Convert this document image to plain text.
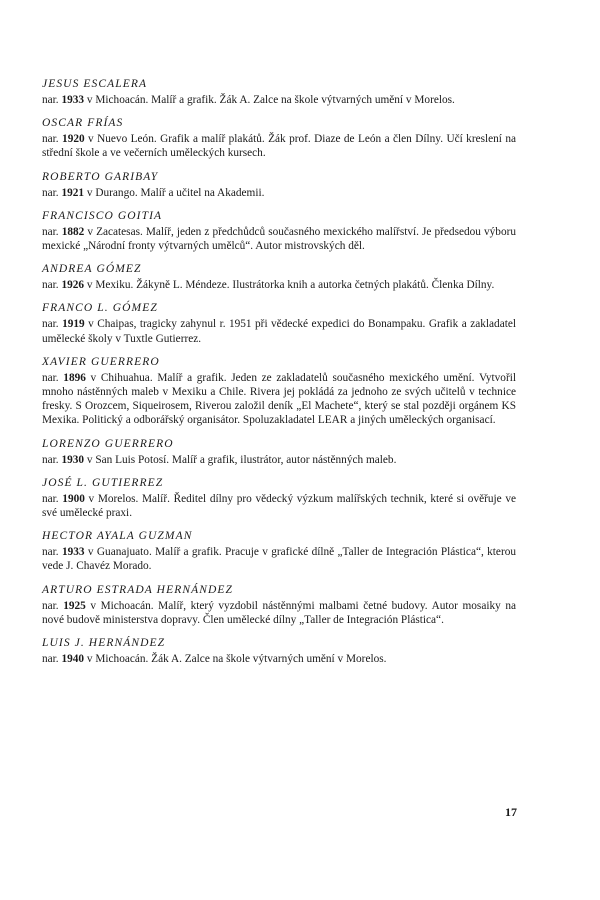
JESUS ESCALERA

nar. 1933 v Michoacán. Malíř a grafik. Žák A. Zalce na škole výtvarných umění v Morelos.

OSCAR FRÍAS

nar. 1920 v Nuevo León. Grafik a malíř plakátů. Žák prof. Diaze de León a člen Dílny. Učí kreslení na střední škole a ve večerních uměleckých kursech.

ROBERTO GARIBAY

nar. 1921 v Durango. Malíř a učitel na Akademii.

FRANCISCO GOITIA

nar. 1882 v Zacatesas. Malíř, jeden z předchůdců současného mexického malířství. Je předsedou výboru mexické „Národní fronty výtvarných umělců“. Autor mistrovských děl.

ANDREA GÓMEZ

nar. 1926 v Mexiku. Žákyně L. Méndeze. Ilustrátorka knih a autorka četných plakátů. Členka Dílny.

FRANCO L. GÓMEZ

nar. 1919 v Chaipas, tragicky zahynul r. 1951 při vědecké expedici do Bonampaku. Grafik a zakladatel umělecké školy v Tuxtle Gutierrez.

XAVIER GUERRERO

nar. 1896 v Chihuahua. Malíř a grafik. Jeden ze zakladatelů současného mexického umění. Vytvořil mnoho nástěnných maleb v Mexiku a Chile. Rivera jej pokládá za jednoho ze svých učitelů v technice fresky. S Orozcem, Siqueirosem, Riverou založil deník „El Machete“, který se stal později orgánem KS Mexika. Politický a odborářský organisátor. Spoluzakladatel LEAR a jiných uměleckých organisací.

LORENZO GUERRERO

nar. 1930 v San Luis Potosí. Malíř a grafik, ilustrátor, autor nástěnných maleb.

JOSÉ L. GUTIERREZ

nar. 1900 v Morelos. Malíř. Ředitel dílny pro vědecký výzkum malířských technik, které si ověřuje ve své umělecké praxi.

HECTOR AYALA GUZMAN

nar. 1933 v Guanajuato. Malíř a grafik. Pracuje v grafické dílně „Taller de Integración Plástica“, kterou vede J. Chavéz Morado.

ARTURO ESTRADA HERNÁNDEZ

nar. 1925 v Michoacán. Malíř, který vyzdobil nástěnnými malbami četné budovy. Autor mosaiky na nové budově ministerstva dopravy. Člen umělecké dílny „Taller de Integración Plástica“.

LUIS J. HERNÁNDEZ

nar. 1940 v Michoacán. Žák A. Zalce na škole výtvarných umění v Morelos.

17
